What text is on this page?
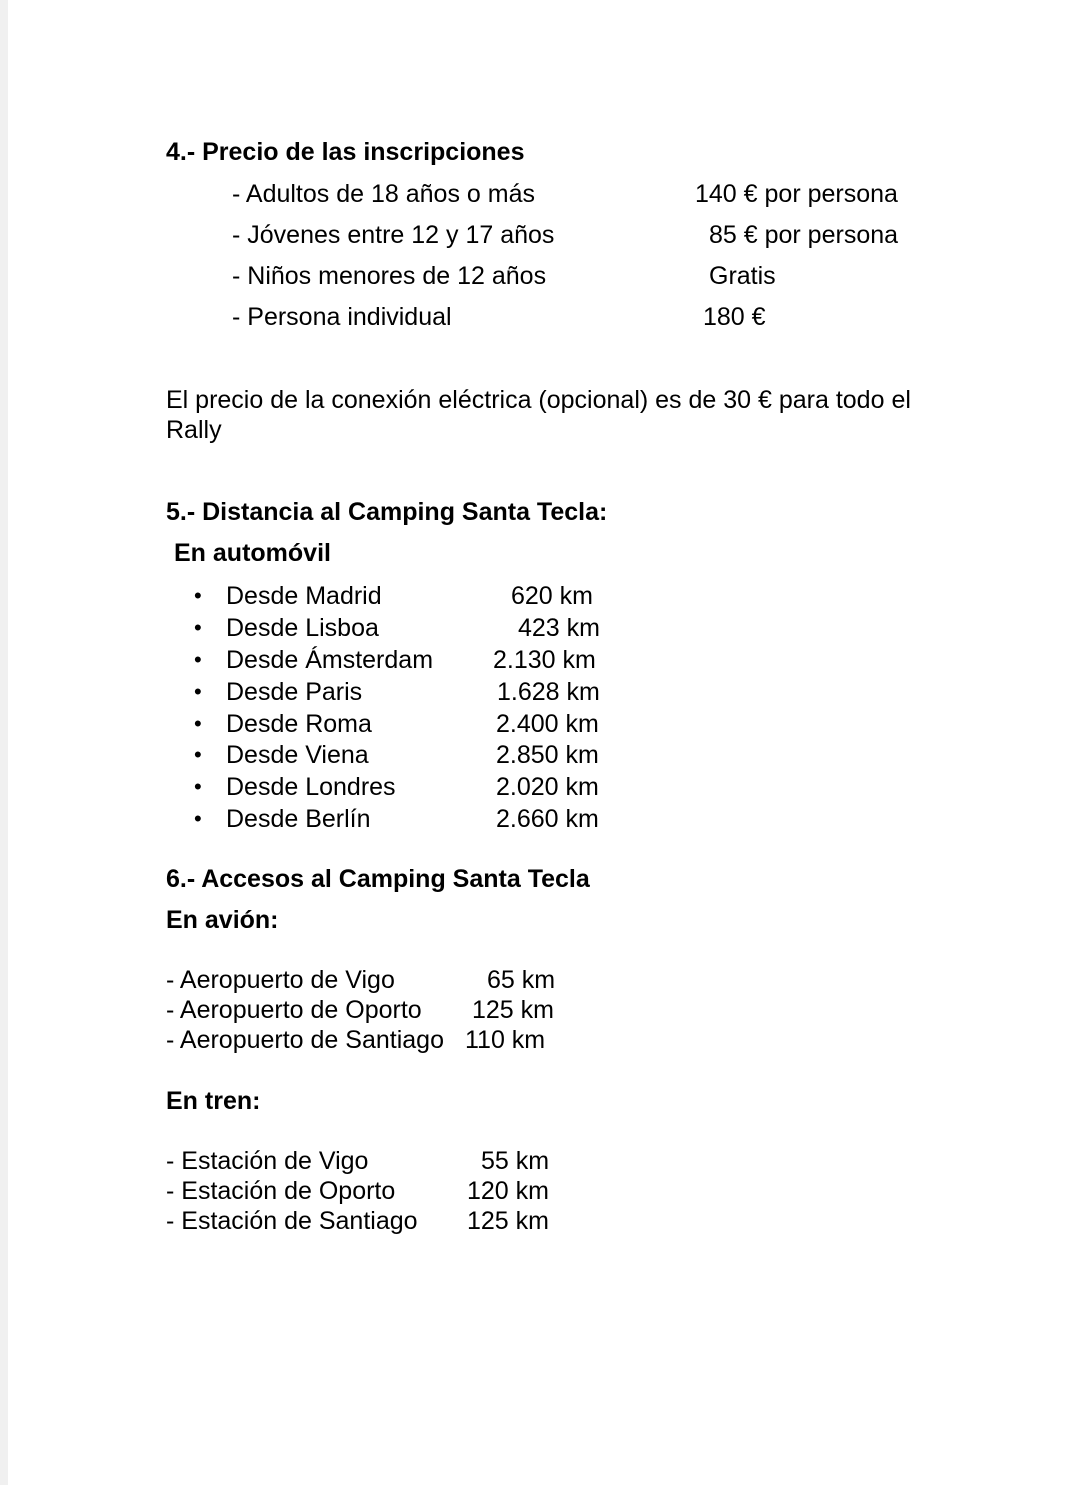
4.- Precio de las inscripciones
- Adultos de 18 años o más	140 € por persona
- Jóvenes entre 12 y 17 años	85 € por persona
- Niños menores de 12 años	Gratis
- Persona individual	180 €
El precio de la conexión eléctrica (opcional) es de 30 € para todo el
Rally
5.- Distancia al Camping Santa Tecla:
En automóvil
• Desde Madrid	620 km
• Desde Lisboa	423 km
• Desde Ámsterdam 2.130 km
• Desde Paris	1.628 km
• Desde Roma	2.400 km
• Desde Viena	2.850 km
• Desde Londres	2.020 km
• Desde Berlín	2.660 km
6.- Accesos al Camping Santa Tecla
En avión:
- Aeropuerto de Vigo	65 km
- Aeropuerto de Oporto 125 km
- Aeropuerto de Santiago 110 km
En tren:
- Estación de Vigo	55 km
- Estación de Oporto	120 km
- Estación de Santiago 125 km
